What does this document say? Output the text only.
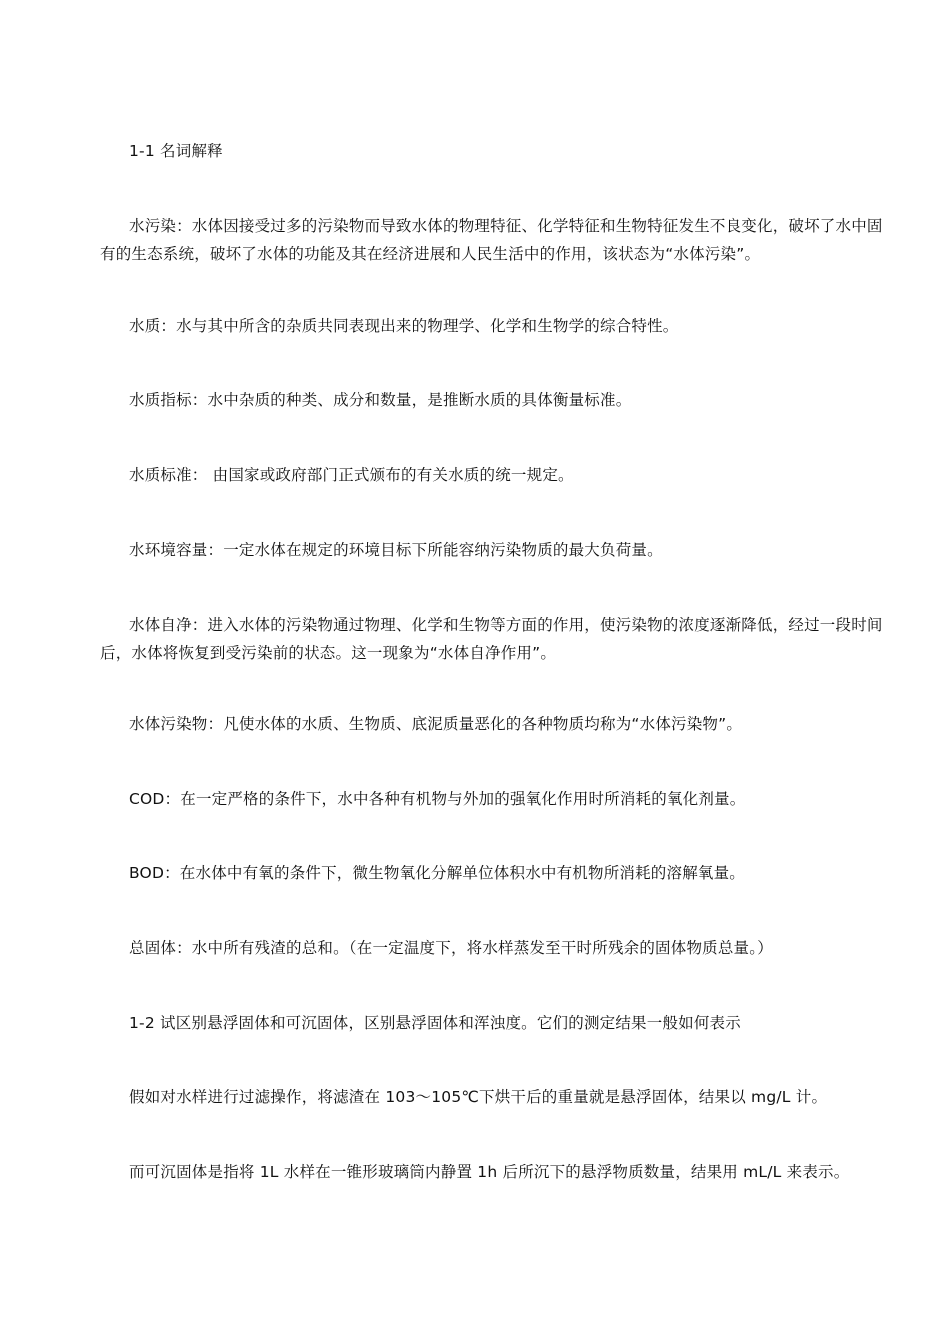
1-1 名词解释

水污染：水体因接受过多的污染物而导致水体的物理特征、化学特征和生物特征发生不良变化，破坏了水中固有的生态系统，破坏了水体的功能及其在经济进展和人民生活中的作用，该状态为“水体污染”。

水质：水与其中所含的杂质共同表现出来的物理学、化学和生物学的综合特性。

水质指标：水中杂质的种类、成分和数量，是推断水质的具体衡量标准。

水质标准： 由国家或政府部门正式颁布的有关水质的统一规定。

水环境容量：一定水体在规定的环境目标下所能容纳污染物质的最大负荷量。

水体自净：进入水体的污染物通过物理、化学和生物等方面的作用，使污染物的浓度逐渐降低，经过一段时间后，水体将恢复到受污染前的状态。这一现象为“水体自净作用”。

水体污染物：凡使水体的水质、生物质、底泥质量恶化的各种物质均称为“水体污染物”。

COD：在一定严格的条件下，水中各种有机物与外加的强氧化作用时所消耗的氧化剂量。

BOD：在水体中有氧的条件下，微生物氧化分解单位体积水中有机物所消耗的溶解氧量。

总固体：水中所有残渣的总和。（在一定温度下，将水样蒸发至干时所残余的固体物质总量。）

1-2 试区别悬浮固体和可沉固体，区别悬浮固体和浑浊度。它们的测定结果一般如何表示

假如对水样进行过滤操作，将滤渣在 103～105℃下烘干后的重量就是悬浮固体，结果以 mg/L 计。

而可沉固体是指将 1L 水样在一锥形玻璃筒内静置 1h 后所沉下的悬浮物质数量，结果用 mL/L 来表示。
